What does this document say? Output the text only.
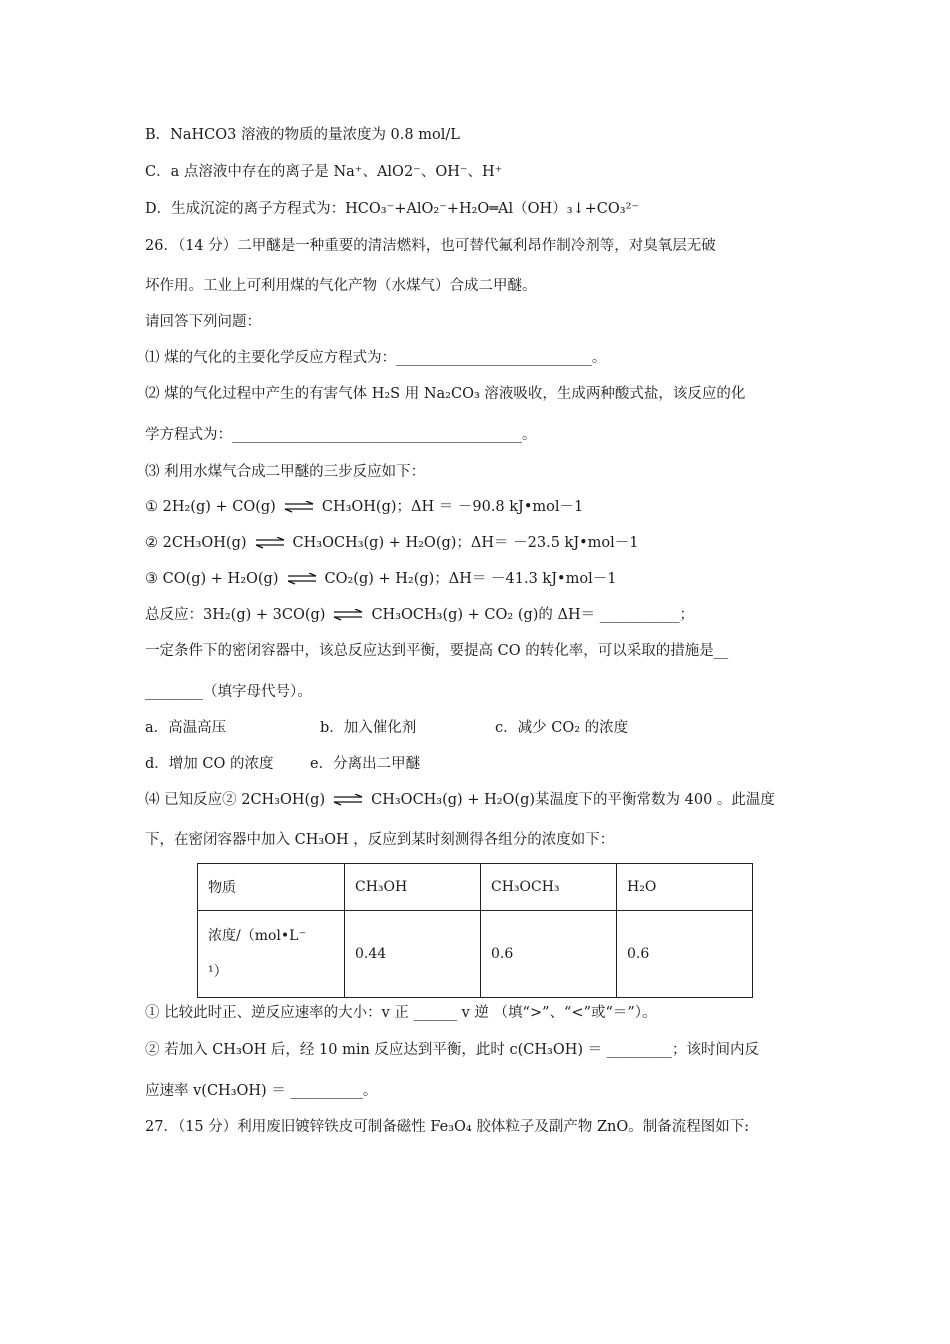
B．NaHCO3 溶液的物质的量浓度为 0.8 mol/L
C．a 点溶液中存在的离子是 Na⁺、AlO2⁻、OH⁻、H⁺
D．生成沉淀的离子方程式为：HCO₃⁻+AlO₂⁻+H₂O═Al（OH）₃↓+CO₃²⁻
26．（14 分）二甲醚是一种重要的清洁燃料，也可替代氟利昂作制冷剂等，对臭氧层无破
坏作用。工业上可利用煤的气化产物（水煤气）合成二甲醚。
请回答下列问题：
⑴ 煤的气化的主要化学反应方程式为：___________________________。
⑵ 煤的气化过程中产生的有害气体 H₂S 用 Na₂CO₃ 溶液吸收，生成两种酸式盐，该反应的化
学方程式为：________________________________________。
⑶ 利用水煤气合成二甲醚的三步反应如下：
① 2H₂(g) + CO(g)	CH₃OH(g)；ΔH ＝ －90.8 kJ•mol－1
② 2CH₃OH(g)	CH₃OCH₃(g) + H₂O(g)；ΔH＝ －23.5 kJ•mol－1
③ CO(g) + H₂O(g)	CO₂(g) + H₂(g)；ΔH＝ －41.3 kJ•mol－1
总反应：3H₂(g) + 3CO(g)	CH₃OCH₃(g) + CO₂ (g)的 ΔH＝ ___________；
一定条件下的密闭容器中，该总反应达到平衡，要提高 CO 的转化率，可以采取的措施是__
________（填字母代号）。
a．高温高压	b．加入催化剂	c．减少 CO₂ 的浓度
d．增加 CO 的浓度	e．分离出二甲醚
⑷ 已知反应② 2CH₃OH(g)	CH₃OCH₃(g) + H₂O(g)某温度下的平衡常数为 400 。此温度
下，在密闭容器中加入 CH₃OH ，反应到某时刻测得各组分的浓度如下：
物质	CH₃OH	CH₃OCH₃	H₂O

浓度/（mol•L⁻
¹）	0.44	0.6	0.6
① 比较此时正、逆反应速率的大小：v 正 ______ v 逆 （填“>”、“<”或“＝”）。
② 若加入 CH₃OH 后，经 10 min 反应达到平衡，此时 c(CH₃OH) ＝ _________；该时间内反
应速率 v(CH₃OH) ＝ __________。
27．（15 分）利用废旧镀锌铁皮可制备磁性 Fe₃O₄ 胶体粒子及副产物 ZnO。制备流程图如下:
